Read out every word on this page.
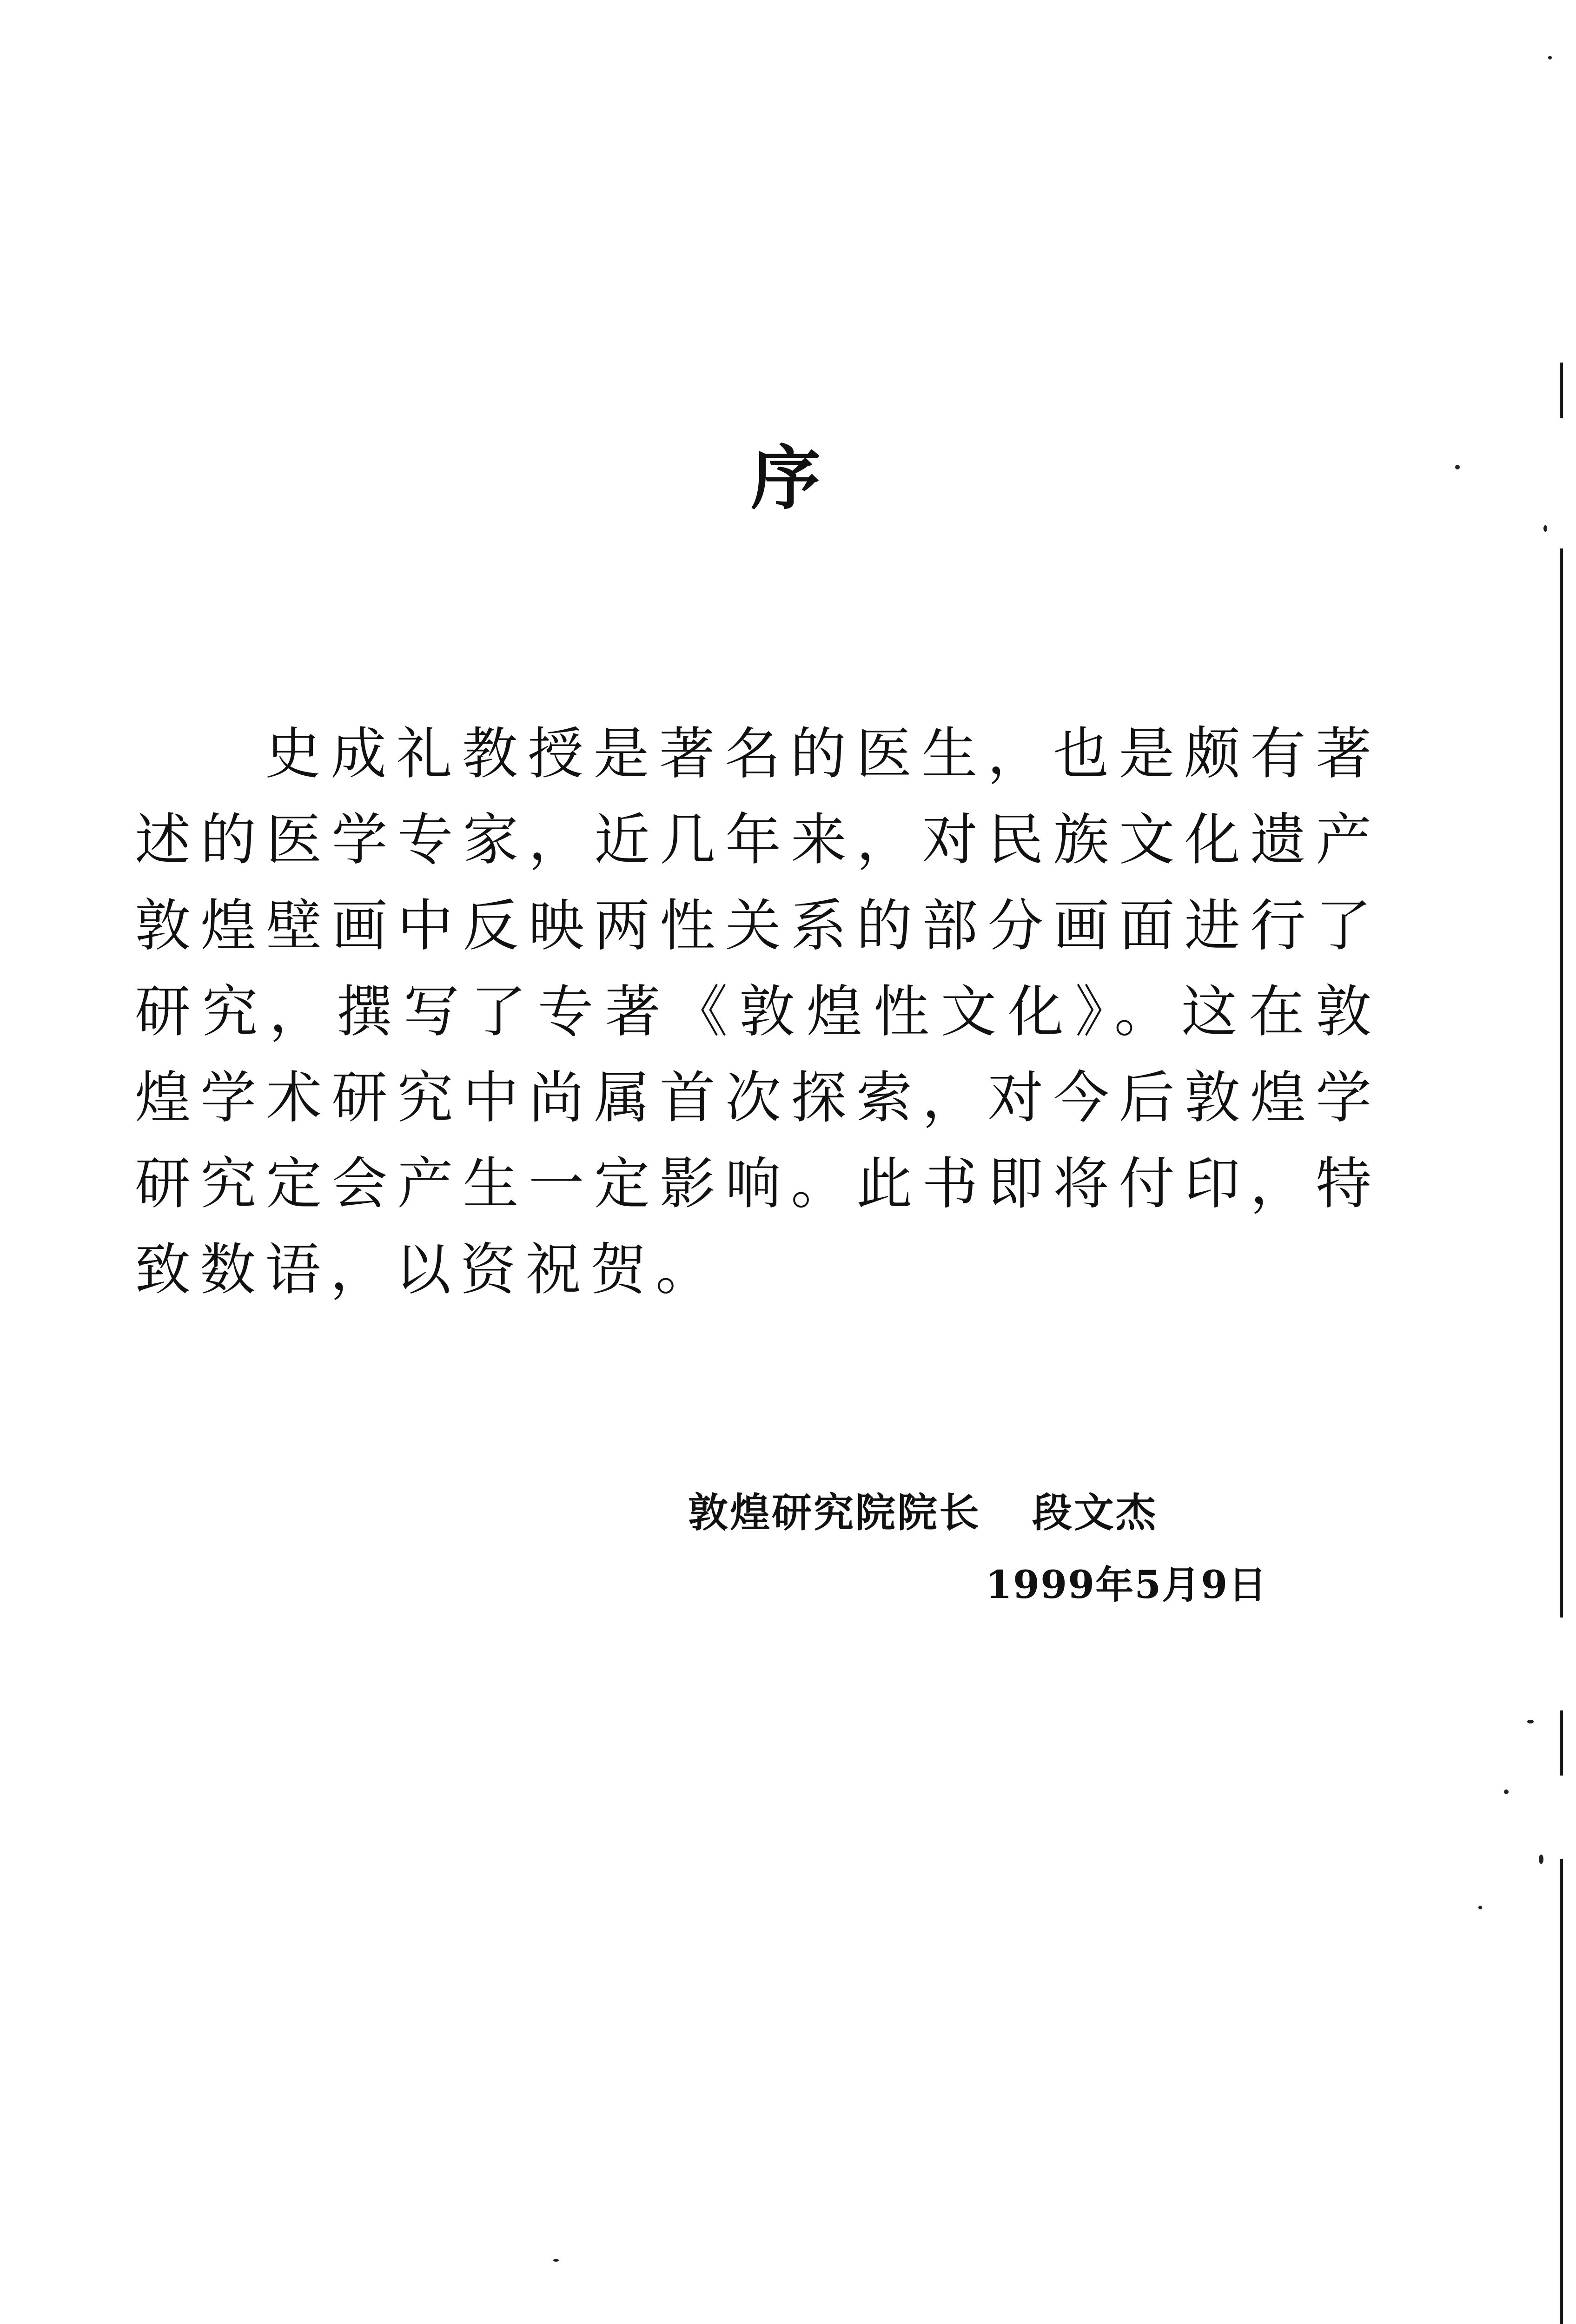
序

史成礼教授是著名的医生，也是颇有著述的医学专家，近几年来，对民族文化遗产敦煌壁画中反映两性关系的部分画面进行了研究，撰写了专著《敦煌性文化》。这在敦煌学术研究中尚属首次探索，对今后敦煌学研究定会产生一定影响。此书即将付印，特致数语，以资祝贺。

敦煌研究院院长 段文杰
1999年5月9日
